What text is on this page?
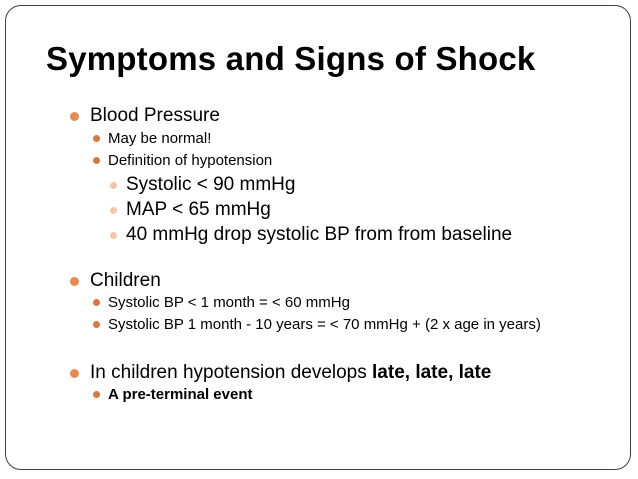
Symptoms and Signs of Shock
Blood Pressure
May be normal!
Definition of hypotension
Systolic < 90 mmHg
MAP < 65 mmHg
40 mmHg drop systolic BP from from baseline
Children
Systolic BP < 1 month = < 60 mmHg
Systolic BP 1 month - 10 years = < 70 mmHg + (2 x age in years)
In children hypotension develops late, late, late
A pre-terminal event
